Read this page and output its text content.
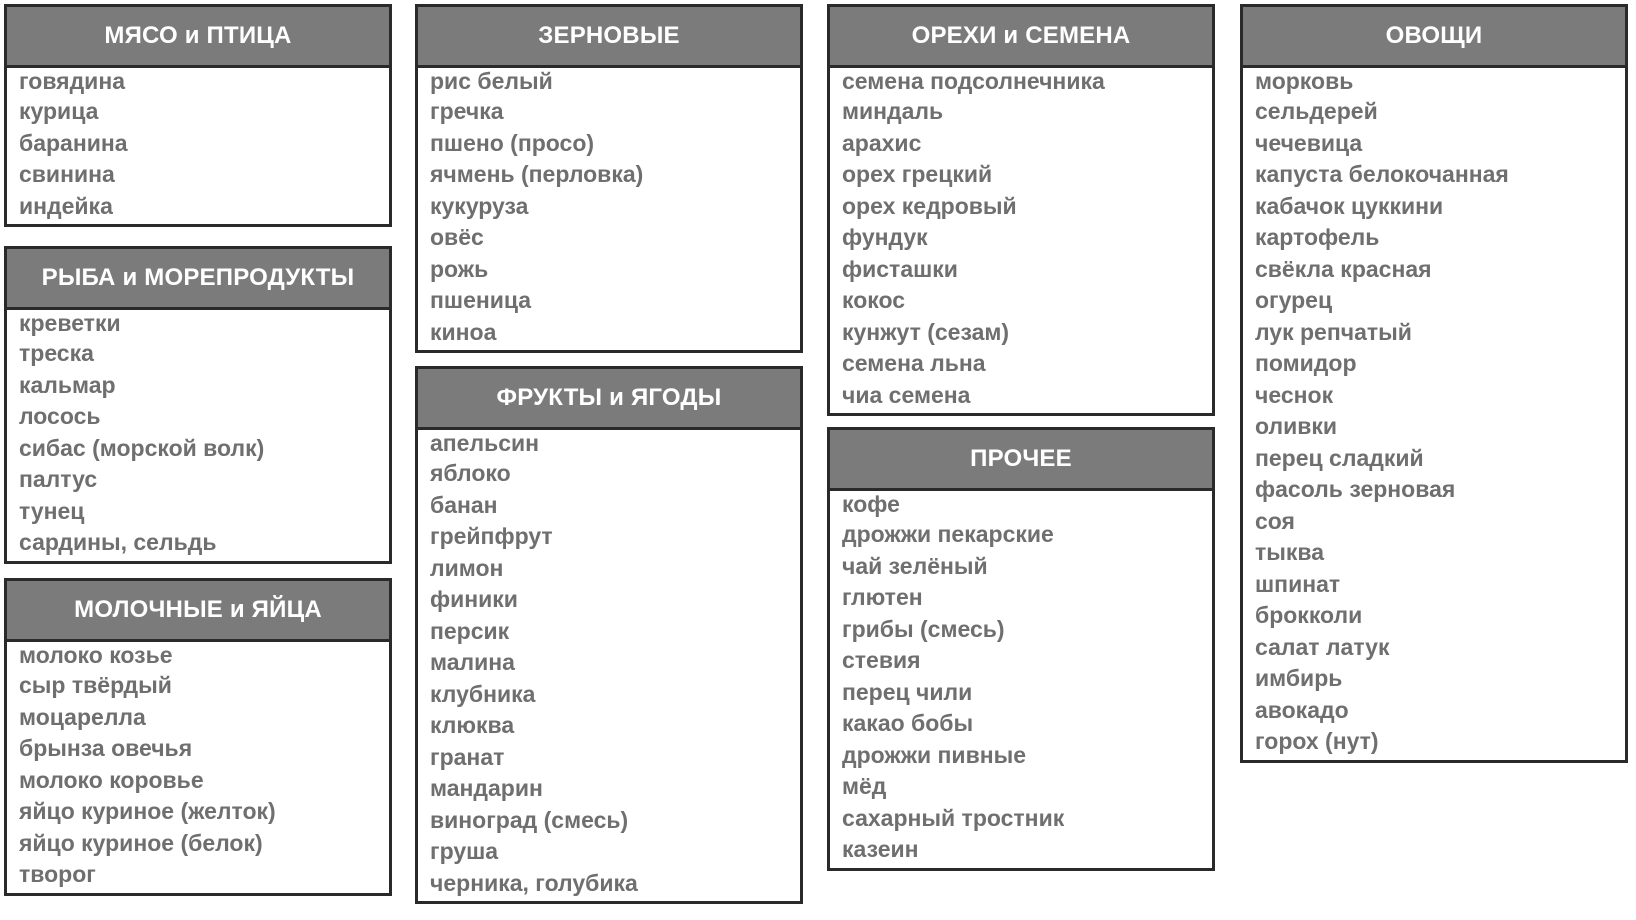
МЯСО и ПТИЦА
говядина
курица
баранина
свинина
индейка
РЫБА и МОРЕПРОДУКТЫ
креветки
треска
кальмар
лосось
сибас (морской волк)
палтус
тунец
сардины, сельдь
МОЛОЧНЫЕ и ЯЙЦА
молоко козье
сыр твёрдый
моцарелла
брынза овечья
молоко коровье
яйцо куриное (желток)
яйцо куриное (белок)
творог
ЗЕРНОВЫЕ
рис белый
гречка
пшено (просо)
ячмень (перловка)
кукуруза
овёс
рожь
пшеница
киноа
ФРУКТЫ и ЯГОДЫ
апельсин
яблоко
банан
грейпфрут
лимон
финики
персик
малина
клубника
клюква
гранат
мандарин
виноград (смесь)
груша
черника, голубика
ОРЕХИ и СЕМЕНА
семена подсолнечника
миндаль
арахис
орех грецкий
орех кедровый
фундук
фисташки
кокос
кунжут (сезам)
семена льна
чиа семена
ПРОЧЕЕ
кофе
дрожжи пекарские
чай зелёный
глютен
грибы (смесь)
стевия
перец чили
какао бобы
дрожжи пивные
мёд
сахарный тростник
казеин
ОВОЩИ
морковь
сельдерей
чечевица
капуста белокочанная
кабачок цуккини
картофель
свёкла красная
огурец
лук репчатый
помидор
чеснок
оливки
перец сладкий
фасоль зерновая
соя
тыква
шпинат
брокколи
салат латук
имбирь
авокадо
горох (нут)
